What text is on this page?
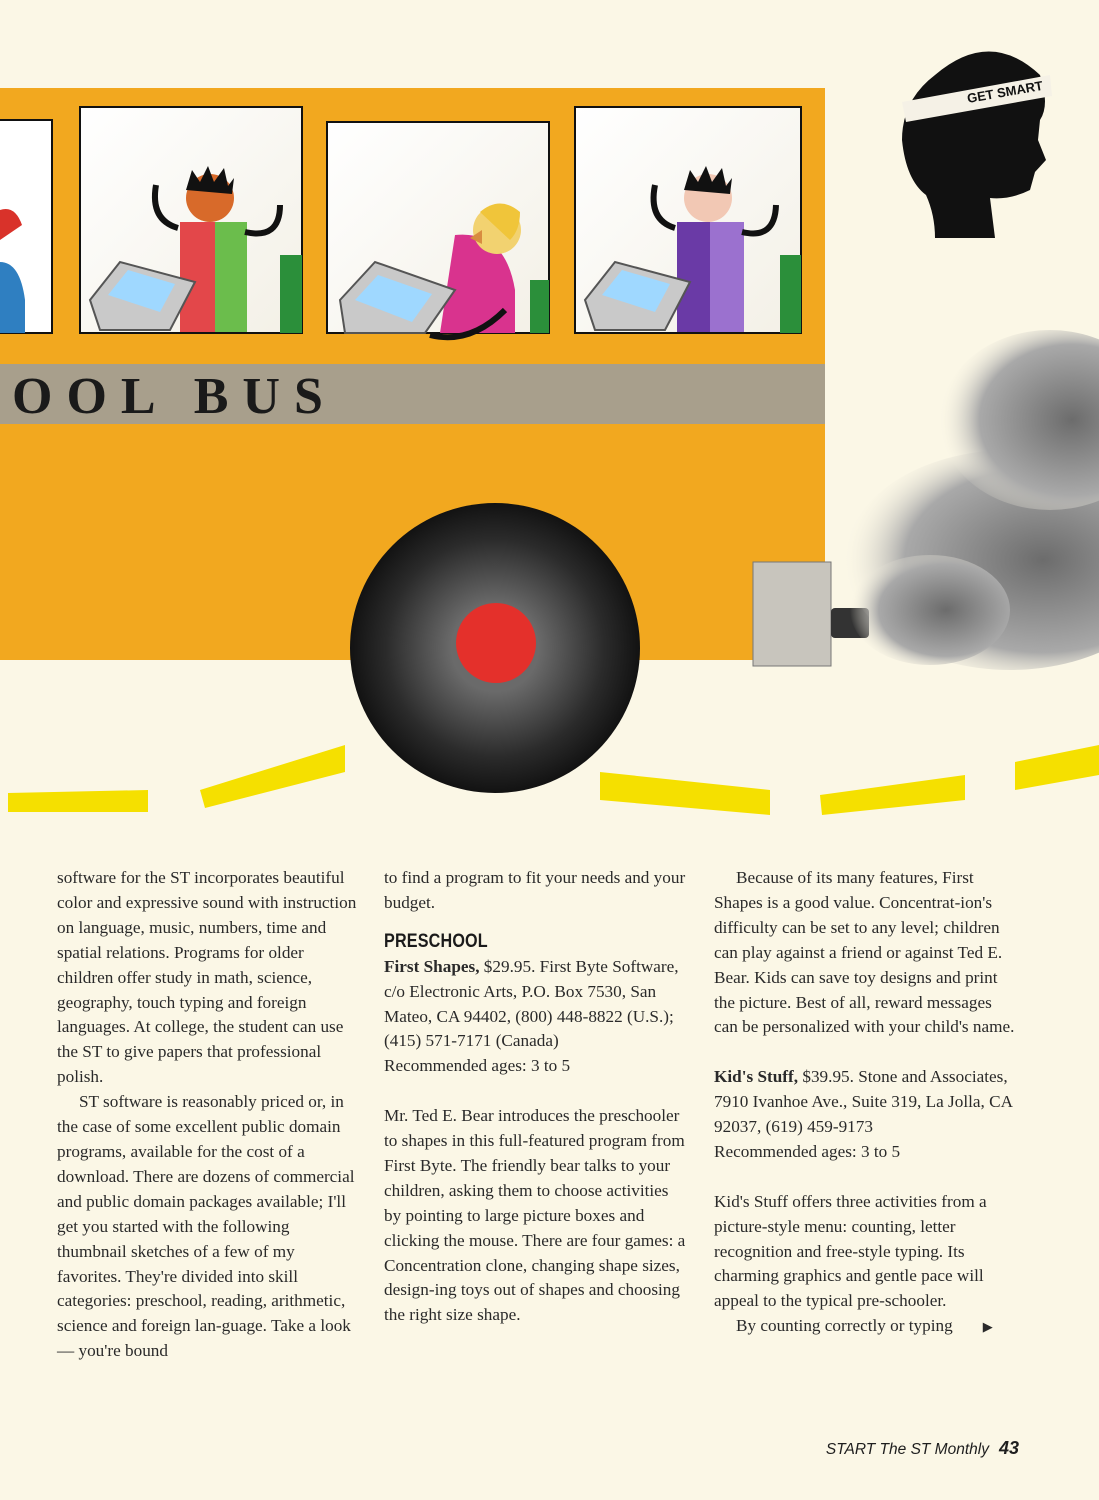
OOL BUS
GET SMART

software for the ST incorporates beautiful color and expressive sound with instruction on language, music, numbers, time and spatial relations. Programs for older children offer study in math, science, geography, touch typing and foreign languages. At college, the student can use the ST to give papers that professional polish.

ST software is reasonably priced or, in the case of some excellent public domain programs, available for the cost of a download. There are dozens of commercial and public domain packages available; I'll get you started with the following thumbnail sketches of a few of my favorites. They're divided into skill categories: preschool, reading, arithmetic, science and foreign lan-guage. Take a look — you're bound

to find a program to fit your needs and your budget.

PRESCHOOL

First Shapes, $29.95. First Byte Software, c/o Electronic Arts, P.O. Box 7530, San Mateo, CA 94402, (800) 448-8822 (U.S.); (415) 571-7171 (Canada)

Recommended ages: 3 to 5

Mr. Ted E. Bear introduces the preschooler to shapes in this full-featured program from First Byte. The friendly bear talks to your children, asking them to choose activities by pointing to large picture boxes and clicking the mouse. There are four games: a Concentration clone, changing shape sizes, design-ing toys out of shapes and choosing the right size shape.

Because of its many features, First Shapes is a good value. Concentrat-ion's difficulty can be set to any level; children can play against a friend or against Ted E. Bear. Kids can save toy designs and print the picture. Best of all, reward messages can be personalized with your child's name.

Kid's Stuff, $39.95. Stone and Associates, 7910 Ivanhoe Ave., Suite 319, La Jolla, CA 92037, (619) 459-9173

Recommended ages: 3 to 5

Kid's Stuff offers three activities from a picture-style menu: counting, letter recognition and free-style typing. Its charming graphics and gentle pace will appeal to the typical pre-schooler.

By counting correctly or typing ▶

START The ST Monthly 43
